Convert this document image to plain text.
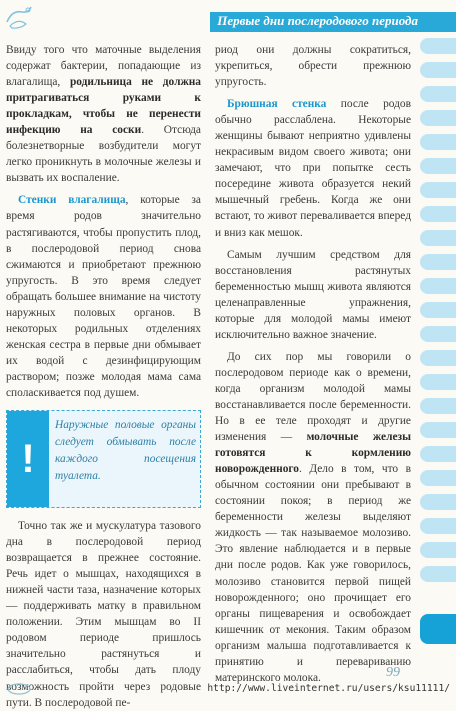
Первые дни послеродового периода

Ввиду того что маточные выделения содержат бактерии, попадающие из влагалища, родильница не должна притрагиваться руками к прокладкам, чтобы не перенести инфекцию на соски. Отсюда болезнетворные возбудители могут легко проникнуть в молочные железы и вызвать их воспаление.

Стенки влагалища, которые за время родов значительно растягиваются, чтобы пропустить плод, в послеродовой период снова сжимаются и приобретают прежнюю упругость. В это время следует обращать большее внимание на чистоту наружных половых органов. В некоторых родильных отделениях женская сестра в первые дни обмывает их водой с дезинфицирующим раствором; позже молодая мама сама споласкивается под душем.

!
Наружные половые органы следует обмывать после каждого посещения туалета.

Точно так же и мускулатура тазового дна в послеродовой период возвращается в прежнее состояние. Речь идет о мышцах, находящихся в нижней части таза, назначение которых — поддерживать матку в правильном положении. Этим мышцам во II родовом периоде пришлось значительно растянуться и расслабиться, чтобы дать плоду возможность пройти через родовые пути. В послеродовой пе-

риод они должны сократиться, укрепиться, обрести прежнюю упругость.

Брюшная стенка после родов обычно расслаблена. Некоторые женщины бывают неприятно удивлены некрасивым видом своего живота; они замечают, что при попытке сесть посередине живота образуется некий мышечный гребень. Когда же они встают, то живот переваливается вперед и вниз как мешок.

Самым лучшим средством для восстановления растянутых беременностью мышц живота являются целенаправленные упражнения, которые для молодой мамы имеют исключительно важное значение.

До сих пор мы говорили о послеродовом периоде как о времени, когда организм молодой мамы восстанавливается после беременности. Но в ее теле проходят и другие изменения — молочные железы готовятся к кормлению новорожденного. Дело в том, что в обычном состоянии они пребывают в состоянии покоя; в период же беременности железы выделяют жидкость — так называемое молозиво. Это явление наблюдается и в первые дни после родов. Как уже говорилось, молозиво становится первой пищей новорожденного; оно прочищает его органы пищеварения и освобождает кишечник от мекония. Таким образом организм малыша подготавливается к принятию и перевариванию материнского молока.	99
http://www.liveinternet.ru/users/ksu11111/
